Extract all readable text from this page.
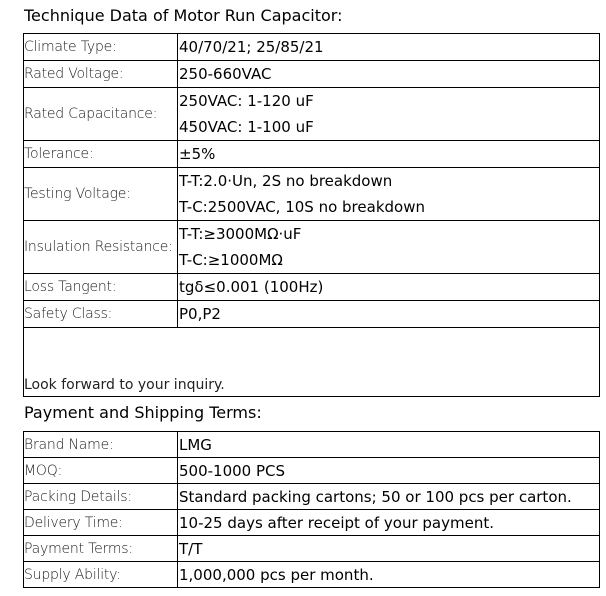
Technique Data of Motor Run Capacitor:
Climate Type:	40/70/21; 25/85/21

Rated Voltage:	250-660VAC

Rated Capacitance:	250VAC: 1-120 uF
450VAC: 1-100 uF

Tolerance:	±5%

Testing Voltage:	T-T:2.0·Un, 2S no breakdown
T-C:2500VAC, 10S no breakdown

Insulation Resistance:	T-T:≥3000MΩ·uF
T-C:≥1000MΩ

Loss Tangent:	tgδ≤0.001 (100Hz)

Safety Class:	P0,P2

Look forward to your inquiry.	
Payment and Shipping Terms:
Brand Name:	LMG
MOQ:	500-1000 PCS
Packing Details:	Standard packing cartons; 50 or 100 pcs per carton.
Delivery Time:	10-25 days after receipt of your payment.
Payment Terms:	T/T
Supply Ability:	1,000,000 pcs per month.
